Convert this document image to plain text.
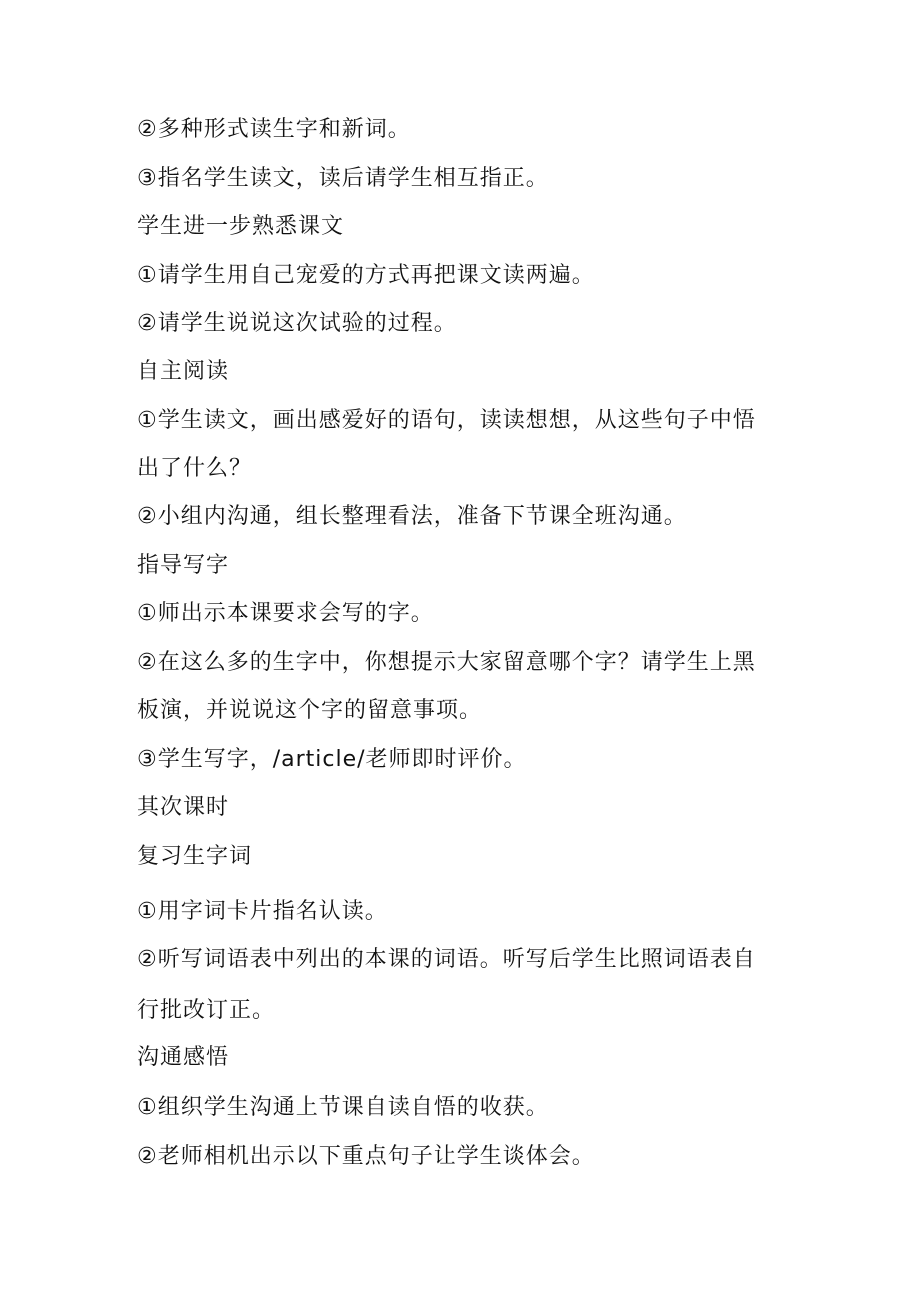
②多种形式读生字和新词。
③指名学生读文，读后请学生相互指正。
学生进一步熟悉课文
①请学生用自己宠爱的方式再把课文读两遍。
②请学生说说这次试验的过程。
自主阅读
①学生读文，画出感爱好的语句，读读想想，从这些句子中悟
出了什么？
②小组内沟通，组长整理看法，准备下节课全班沟通。
指导写字
①师出示本课要求会写的字。
②在这么多的生字中，你想提示大家留意哪个字？请学生上黑
板演，并说说这个字的留意事项。
③学生写字，/article/老师即时评价。
其次课时
复习生字词
①用字词卡片指名认读。
②听写词语表中列出的本课的词语。听写后学生比照词语表自
行批改订正。
沟通感悟
①组织学生沟通上节课自读自悟的收获。
②老师相机出示以下重点句子让学生谈体会。
